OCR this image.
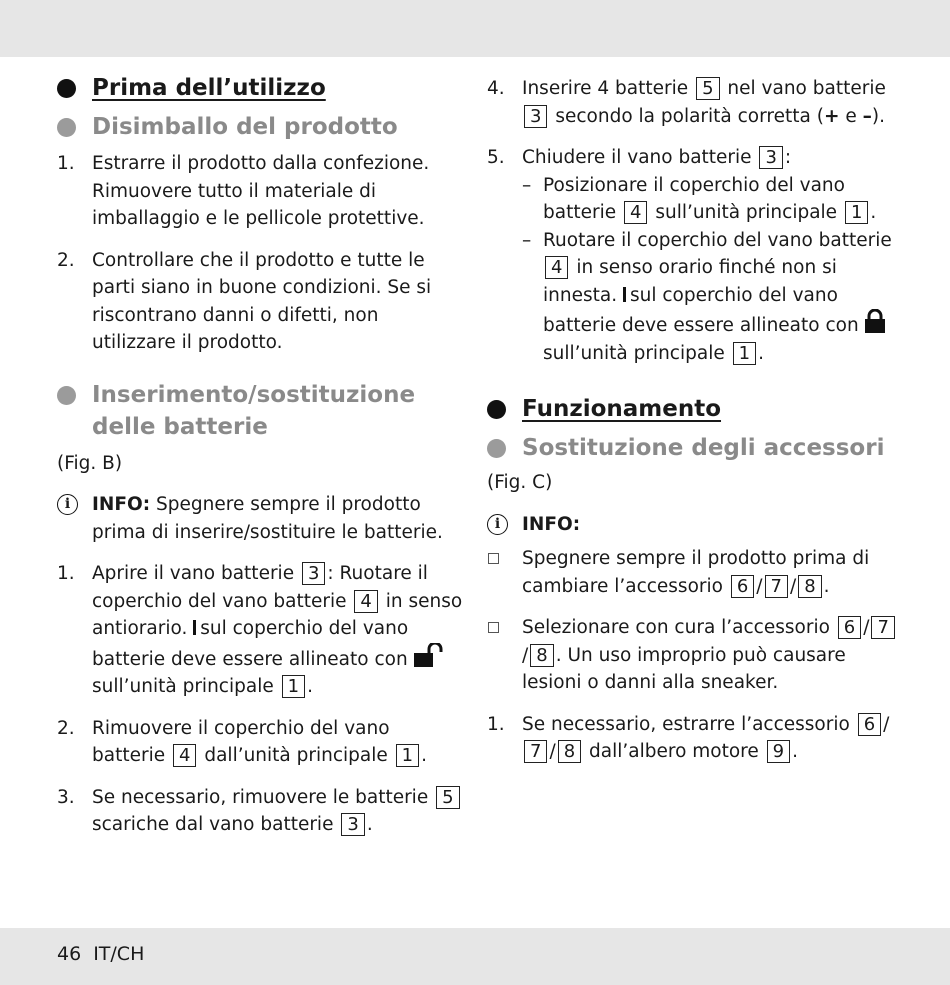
Prima dell’utilizzo
Disimballo del prodotto
1. Estrarre il prodotto dalla confezione. Rimuovere tutto il materiale di imballaggio e le pellicole protettive.
2. Controllare che il prodotto e tutte le parti siano in buone condizioni. Se si riscontrano danni o difetti, non utilizzare il prodotto.
Inserimento/sostituzione delle batterie
(Fig. B)
i	INFO: Spegnere sempre il prodotto prima di inserire/sostituire le batterie.
1. Aprire il vano batterie 3 : Ruotare il coperchio del vano batterie 4 in senso antiorario. sul coperchio del vano batterie deve essere allineato con  sull’unità principale 1 .
2. Rimuovere il coperchio del vano batterie 4 dall’unità principale 1 .
3. Se necessario, rimuovere le batterie 5 scariche dal vano batterie 3 .
4. Inserire 4 batterie 5 nel vano batterie 3 secondo la polarità corretta (+ e –).
5. Chiudere il vano batterie 3 :
– Posizionare il coperchio del vano batterie 4 sull’unità principale 1 .
– Ruotare il coperchio del vano batterie 4 in senso orario finché non si innesta. sul coperchio del vano batterie deve essere allineato con  sull’unità principale 1 .
Funzionamento
Sostituzione degli accessori
(Fig. C)
i	INFO:
Spegnere sempre il prodotto prima di cambiare l’accessorio 6 / 7 / 8 .
Selezionare con cura l’accessorio 6 / 7/ 8 . Un uso improprio può causare lesioni o danni alla sneaker.
1. Se necessario, estrarre l’accessorio 6 /7 / 8 dall’albero motore 9 .
46 IT/CH
